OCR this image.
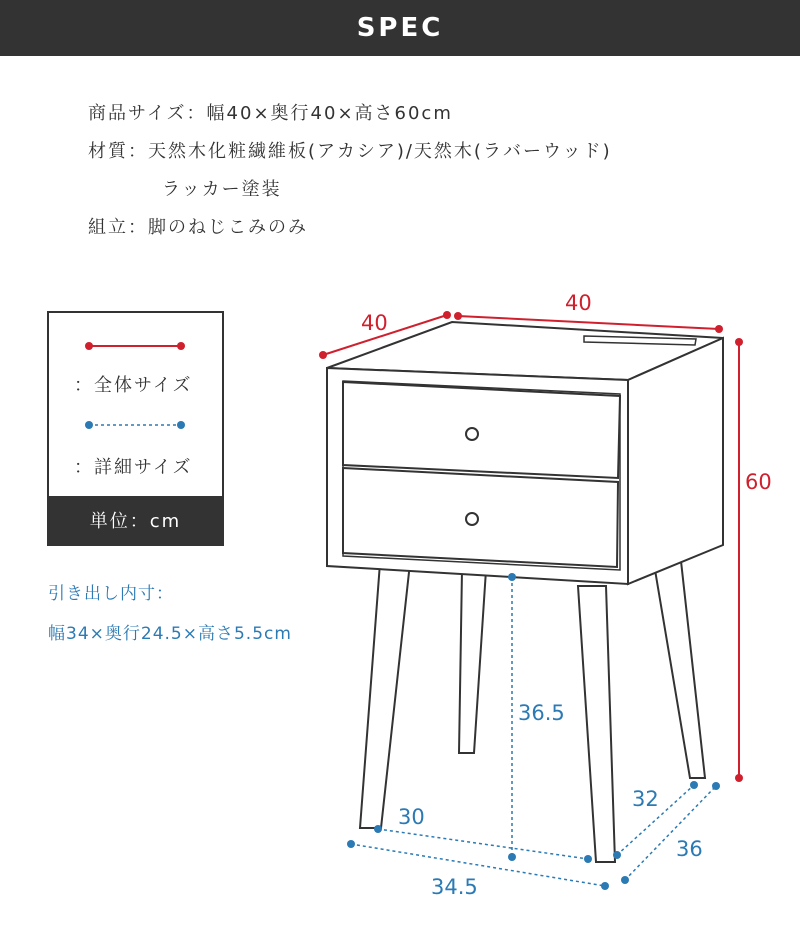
SPEC
商品サイズ：幅40×奥行40×高さ60cm
材質：天然木化粧繊維板(アカシア)/天然木(ラバーウッド)
ラッカー塗装
組立：脚のねじこみのみ
：全体サイズ
：詳細サイズ
単位：cm
引き出し内寸：
幅34×奥行24.5×高さ5.5cm
40
40
60
36.5
30
34.5
32
36
